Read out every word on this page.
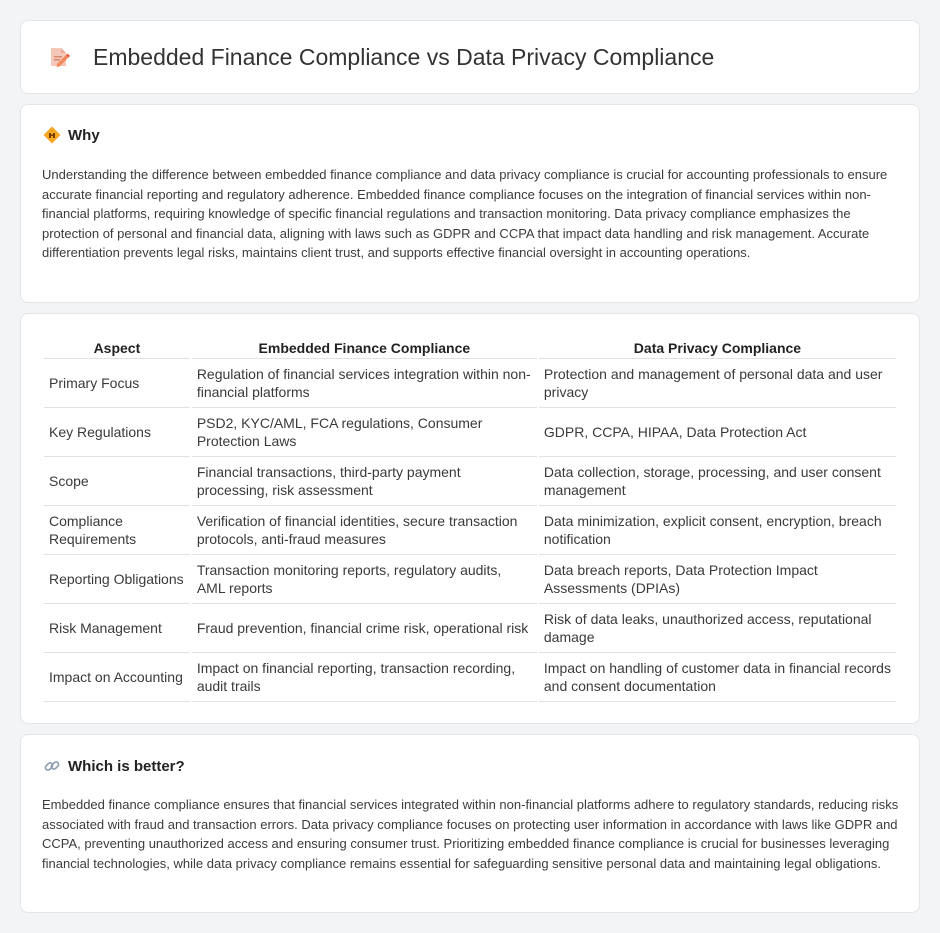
Embedded Finance Compliance vs Data Privacy Compliance
Why

Understanding the difference between embedded finance compliance and data privacy compliance is crucial for accounting professionals to ensure accurate financial reporting and regulatory adherence. Embedded finance compliance focuses on the integration of financial services within non-financial platforms, requiring knowledge of specific financial regulations and transaction monitoring. Data privacy compliance emphasizes the protection of personal and financial data, aligning with laws such as GDPR and CCPA that impact data handling and risk management. Accurate differentiation prevents legal risks, maintains client trust, and supports effective financial oversight in accounting operations.

Aspect	Embedded Finance Compliance	Data Privacy Compliance
Primary Focus	Regulation of financial services integration within non-financial platforms	Protection and management of personal data and user privacy
Key Regulations	PSD2, KYC/AML, FCA regulations, Consumer Protection Laws	GDPR, CCPA, HIPAA, Data Protection Act
Scope	Financial transactions, third-party payment processing, risk assessment	Data collection, storage, processing, and user consent management
Compliance Requirements	Verification of financial identities, secure transaction protocols, anti-fraud measures	Data minimization, explicit consent, encryption, breach notification
Reporting Obligations	Transaction monitoring reports, regulatory audits, AML reports	Data breach reports, Data Protection Impact Assessments (DPIAs)
Risk Management	Fraud prevention, financial crime risk, operational risk	Risk of data leaks, unauthorized access, reputational damage
Impact on Accounting	Impact on financial reporting, transaction recording, audit trails	Impact on handling of customer data in financial records and consent documentation
Which is better?

Embedded finance compliance ensures that financial services integrated within non-financial platforms adhere to regulatory standards, reducing risks associated with fraud and transaction errors. Data privacy compliance focuses on protecting user information in accordance with laws like GDPR and CCPA, preventing unauthorized access and ensuring consumer trust. Prioritizing embedded finance compliance is crucial for businesses leveraging financial technologies, while data privacy compliance remains essential for safeguarding sensitive personal data and maintaining legal obligations.
